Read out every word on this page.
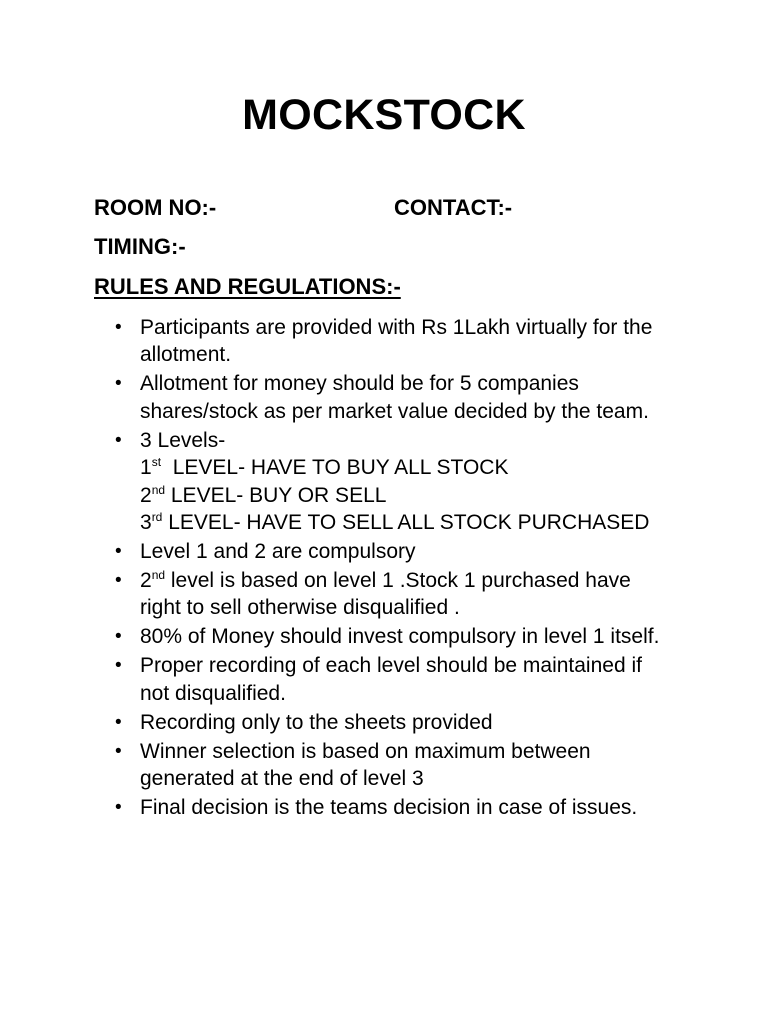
MOCKSTOCK
ROOM NO:-	CONTACT:-
TIMING:-
RULES AND REGULATIONS:-
• Participants are provided with Rs 1Lakh virtually for the allotment.
• Allotment for money should be for 5 companies shares/stock as per market value decided by the team.
• 3 Levels-
1st  LEVEL- HAVE TO BUY ALL STOCK
2nd LEVEL- BUY OR SELL
3rd LEVEL- HAVE TO SELL ALL STOCK PURCHASED
• Level 1 and 2 are compulsory
• 2nd level is based on level 1 .Stock 1 purchased have right to sell otherwise disqualified .
• 80% of Money should invest compulsory in level 1 itself.
• Proper recording of each level should be maintained if not disqualified.
• Recording only to the sheets provided
• Winner selection is based on maximum between generated at the end of level 3
• Final decision is the teams decision in case of issues.
